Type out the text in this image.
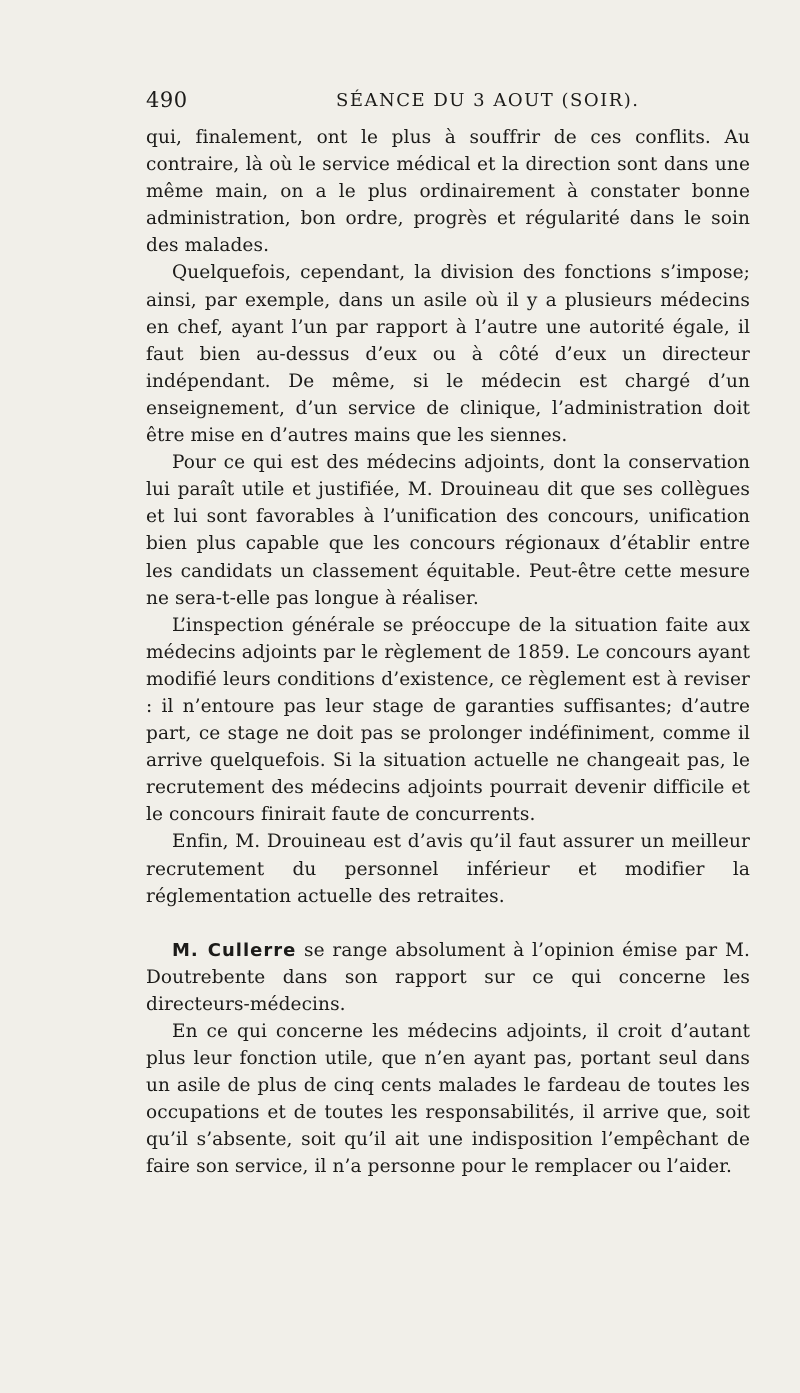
490	SÉANCE DU 3 AOUT (SOIR).

qui, finalement, ont le plus à souffrir de ces conflits. Au contraire, là où le service médical et la direction sont dans une même main, on a le plus ordinairement à constater bonne administration, bon ordre, progrès et régularité dans le soin des malades.

Quelquefois, cependant, la division des fonctions s’impose; ainsi, par exemple, dans un asile où il y a plusieurs médecins en chef, ayant l’un par rapport à l’autre une autorité égale, il faut bien au-dessus d’eux ou à côté d’eux un directeur indépendant. De même, si le médecin est chargé d’un enseignement, d’un service de clinique, l’administration doit être mise en d’autres mains que les siennes.

Pour ce qui est des médecins adjoints, dont la conservation lui paraît utile et justifiée, M. Drouineau dit que ses collègues et lui sont favorables à l’unification des concours, unification bien plus capable que les concours régionaux d’établir entre les candidats un classement équitable. Peut-être cette mesure ne sera-t-elle pas longue à réaliser.

L’inspection générale se préoccupe de la situation faite aux médecins adjoints par le règlement de 1859. Le concours ayant modifié leurs conditions d’existence, ce règlement est à reviser : il n’entoure pas leur stage de garanties suffisantes; d’autre part, ce stage ne doit pas se prolonger indéfiniment, comme il arrive quelquefois. Si la situation actuelle ne changeait pas, le recrutement des médecins adjoints pourrait devenir difficile et le concours finirait faute de concurrents.

Enfin, M. Drouineau est d’avis qu’il faut assurer un meilleur recrutement du personnel inférieur et modifier la réglementation actuelle des retraites.

M. Cullerre se range absolument à l’opinion émise par M. Doutrebente dans son rapport sur ce qui concerne les directeurs-médecins.

En ce qui concerne les médecins adjoints, il croit d’autant plus leur fonction utile, que n’en ayant pas, portant seul dans un asile de plus de cinq cents malades le fardeau de toutes les occupations et de toutes les responsabilités, il arrive que, soit qu’il s’absente, soit qu’il ait une indisposition l’empêchant de faire son service, il n’a personne pour le remplacer ou l’aider.
